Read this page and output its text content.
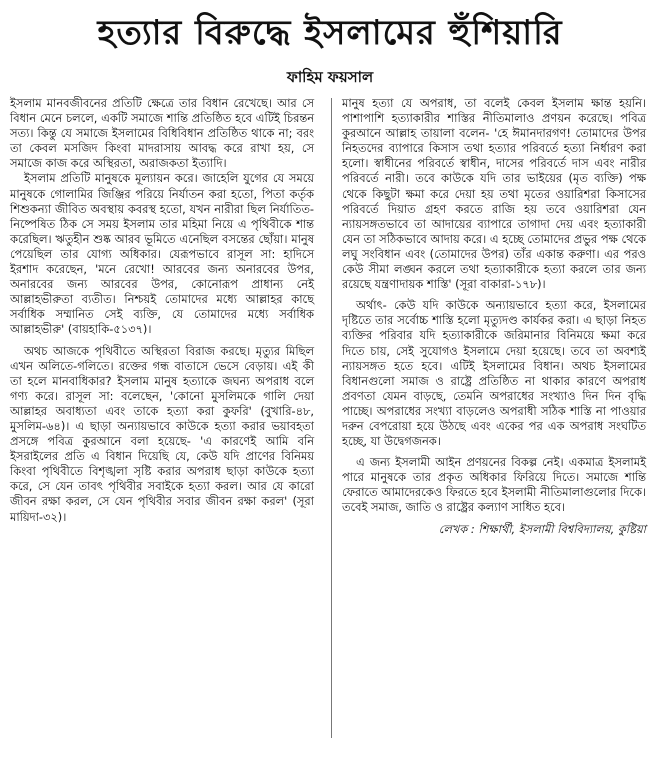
হত্যার বিরুদ্ধে ইসলামের হুঁশিয়ারি
ফাহিম ফয়সাল

ইসলাম মানবজীবনের প্রতিটি ক্ষেত্রে তার বিধান রেখেছে। আর সে বিধান মেনে চললে, একটি সমাজে শান্তি প্রতিষ্ঠিত হবে এটিই চিরন্তন সত্য। কিন্তু যে সমাজে ইসলামের বিধিবিধান প্রতিষ্ঠিত থাকে না; বরং তা কেবল মসজিদ কিংবা মাদরাসায় আবদ্ধ করে রাখা হয়, সে সমাজে কাজ করে অস্থিরতা, অরাজকতা ইত্যাদি।

ইসলাম প্রতিটি মানুষকে মূল্যায়ন করে। জাহেলি যুগের যে সময়ে মানুষকে গোলামির জিঞ্জির পরিয়ে নির্যাতন করা হতো, পিতা কর্তৃক শিশুকন্যা জীবিত অবস্থায় কবরস্থ হতো, যখন নারীরা ছিল নির্যাতিত-নিষ্পেষিত ঠিক সে সময় ইসলাম তার মহিমা নিয়ে এ পৃথিবীকে শান্ত করেছিল। ঋতুহীন শুষ্ক আরব ভূমিতে এনেছিল বসন্তের ছোঁয়া। মানুষ পেয়েছিল তার যোগ্য অধিকার। যেরূপভাবে রাসূল সা: হাদিসে ইরশাদ করেছেন, 'মনে রেখো! আরবের জন্য অনারবের উপর, অনারবের জন্য আরবের উপর, কোনোরূপ প্রাধান্য নেই আল্লাহভীরুতা ব্যতীত। নিশ্চয়ই তোমাদের মধ্যে আল্লাহর কাছে সর্বাধিক সম্মানিত সেই ব্যক্তি, যে তোমাদের মধ্যে সর্বাধিক আল্লাহভীরু' (বায়হাকি-৫১৩৭)।

অথচ আজকে পৃথিবীতে অস্থিরতা বিরাজ করছে। মৃত্যুর মিছিল এখন অলিতে-গলিতে। রক্তের গন্ধ বাতাসে ভেসে বেড়ায়। এই কী তা হলে মানবাধিকার? ইসলাম মানুষ হত্যাকে জঘন্য অপরাধ বলে গণ্য করে। রাসূল সা: বলেছেন, 'কোনো মুসলিমকে গালি দেয়া আল্লাহর অবাধ্যতা এবং তাকে হত্যা করা কুফরি' (বুখারি-৪৮, মুসলিম-৬৪)। এ ছাড়া অন্যায়ভাবে কাউকে হত্যা করার ভয়াবহতা প্রসঙ্গে পবিত্র কুরআনে বলা হয়েছে- 'এ কারণেই আমি বনি ইসরাইলের প্রতি এ বিধান দিয়েছি যে, কেউ যদি প্রাণের বিনিময় কিংবা পৃথিবীতে বিশৃঙ্খলা সৃষ্টি করার অপরাধ ছাড়া কাউকে হত্যা করে, সে যেন তাবৎ পৃথিবীর সবাইকে হত্যা করল। আর যে কারো জীবন রক্ষা করল, সে যেন পৃথিবীর সবার জীবন রক্ষা করল' (সূরা মায়িদা-৩২)।

মানুষ হত্যা যে অপরাধ, তা বলেই কেবল ইসলাম ক্ষান্ত হয়নি। পাশাপাশি হত্যাকারীর শাস্তির নীতিমালাও প্রণয়ন করেছে। পবিত্র কুরআনে আল্লাহ তায়ালা বলেন- 'হে ঈমানদারগণ! তোমাদের উপর নিহতদের ব্যাপারে কিসাস তথা হত্যার পরিবর্তে হত্যা নির্ধারণ করা হলো। স্বাধীনের পরিবর্তে স্বাধীন, দাসের পরিবর্তে দাস এবং নারীর পরিবর্তে নারী। তবে কাউকে যদি তার ভাইয়ের (মৃত ব্যক্তি) পক্ষ থেকে কিছুটা ক্ষমা করে দেয়া হয় তথা মৃতের ওয়ারিশরা কিসাসের পরিবর্তে দিয়াত গ্রহণ করতে রাজি হয় তবে ওয়ারিশরা যেন ন্যায়সঙ্গতভাবে তা আদায়ের ব্যাপারে তাগাদা দেয় এবং হত্যাকারী যেন তা সঠিকভাবে আদায় করে। এ হচ্ছে তোমাদের প্রভুর পক্ষ থেকে লঘু সংবিধান এবং (তোমাদের উপর) তাঁর একান্ত করুণা। এর পরও কেউ সীমা লঙ্ঘন করলে তথা হত্যাকারীকে হত্যা করলে তার জন্য রয়েছে যন্ত্রণাদায়ক শাস্তি' (সূরা বাকারা-১৭৮)।

অর্থাৎ- কেউ যদি কাউকে অন্যায়ভাবে হত্যা করে, ইসলামের দৃষ্টিতে তার সর্বোচ্চ শাস্তি হলো মৃত্যুদণ্ড কার্যকর করা। এ ছাড়া নিহত ব্যক্তির পরিবার যদি হত্যাকারীকে জরিমানার বিনিময়ে ক্ষমা করে দিতে চায়, সেই সুযোগও ইসলামে দেয়া হয়েছে। তবে তা অবশ্যই ন্যায়সঙ্গত হতে হবে। এটিই ইসলামের বিধান। অথচ ইসলামের বিধানগুলো সমাজ ও রাষ্ট্রে প্রতিষ্ঠিত না থাকার কারণে অপরাধ প্রবণতা যেমন বাড়ছে, তেমনি অপরাধের সংখ্যাও দিন দিন বৃদ্ধি পাচ্ছে। অপরাধের সংখ্যা বাড়লেও অপরাধী সঠিক শাস্তি না পাওয়ার দরুন বেপরোয়া হয়ে উঠছে এবং একের পর এক অপরাধ সংঘটিত হচ্ছে, যা উদ্বেগজনক।

এ জন্য ইসলামী আইন প্রণয়নের বিকল্প নেই। একমাত্র ইসলামই পারে মানুষকে তার প্রকৃত অধিকার ফিরিয়ে দিতে। সমাজে শান্তি ফেরাতে আমাদেরকেও ফিরতে হবে ইসলামী নীতিমালাগুলোর দিকে। তবেই সমাজ, জাতি ও রাষ্ট্রের কল্যাণ সাধিত হবে।

লেখক : শিক্ষার্থী, ইসলামী বিশ্ববিদ্যালয়, কুষ্টিয়া
